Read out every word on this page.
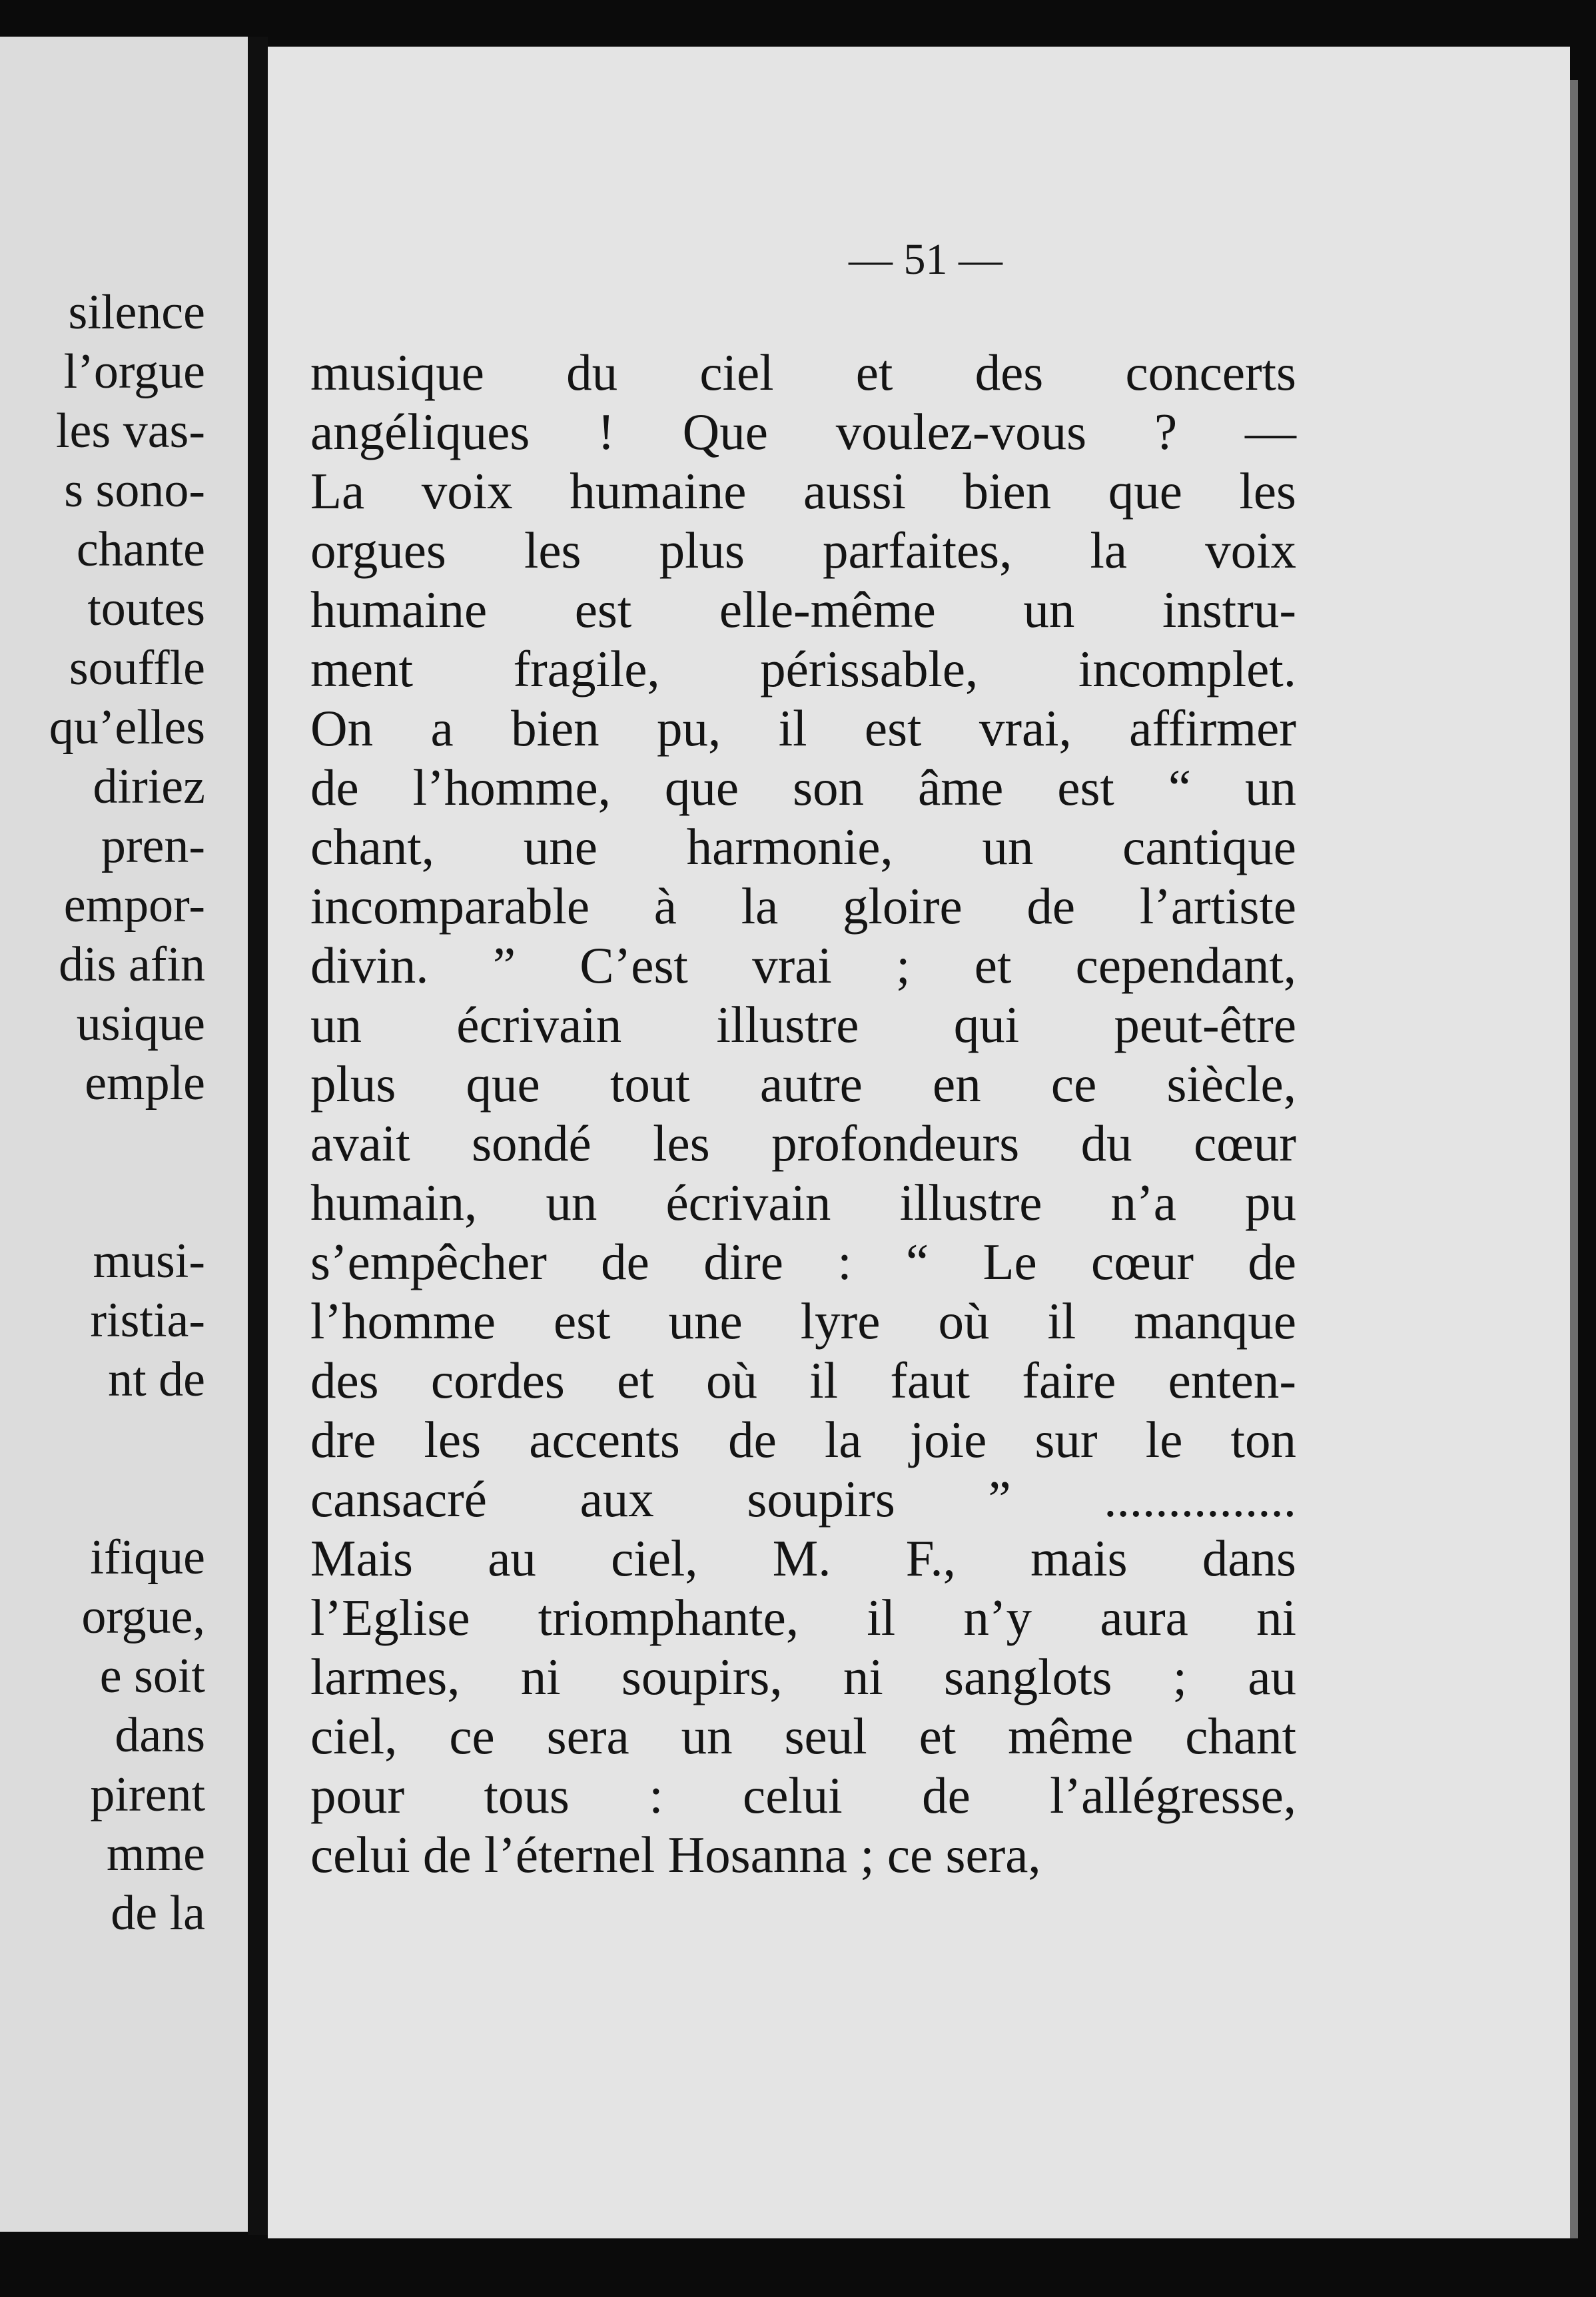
silence
l’orgue
les vas-
s sono-
chante
toutes
souffle
qu’elles
diriez
pren-
empor-
dis afin
usique
emple
musi-
ristia-
nt de
ifique
orgue,
e soit
dans
pirent
mme
de la
— 51 —
musique du ciel et des concerts
angéliques ! Que voulez-vous ? —
La voix humaine aussi bien que les
orgues les plus parfaites, la voix
humaine est elle-même un instru-
ment fragile, périssable, incomplet.
On a bien pu, il est vrai, affirmer
de l’homme, que son âme est “ un
chant, une harmonie, un cantique
incomparable à la gloire de l’artiste
divin. ” C’est vrai ; et cependant,
un écrivain illustre qui peut-être
plus que tout autre en ce siècle,
avait sondé les profondeurs du cœur
humain, un écrivain illustre n’a pu
s’empêcher de dire : “ Le cœur de
l’homme est une lyre où il manque
des cordes et où il faut faire enten-
dre les accents de la joie sur le ton
cansacré aux soupirs ” ...............
Mais au ciel, M. F., mais dans
l’Eglise triomphante, il n’y aura ni
larmes, ni soupirs, ni sanglots ; au
ciel, ce sera un seul et même chant
pour tous : celui de l’allégresse,
celui de l’éternel Hosanna ; ce sera,
